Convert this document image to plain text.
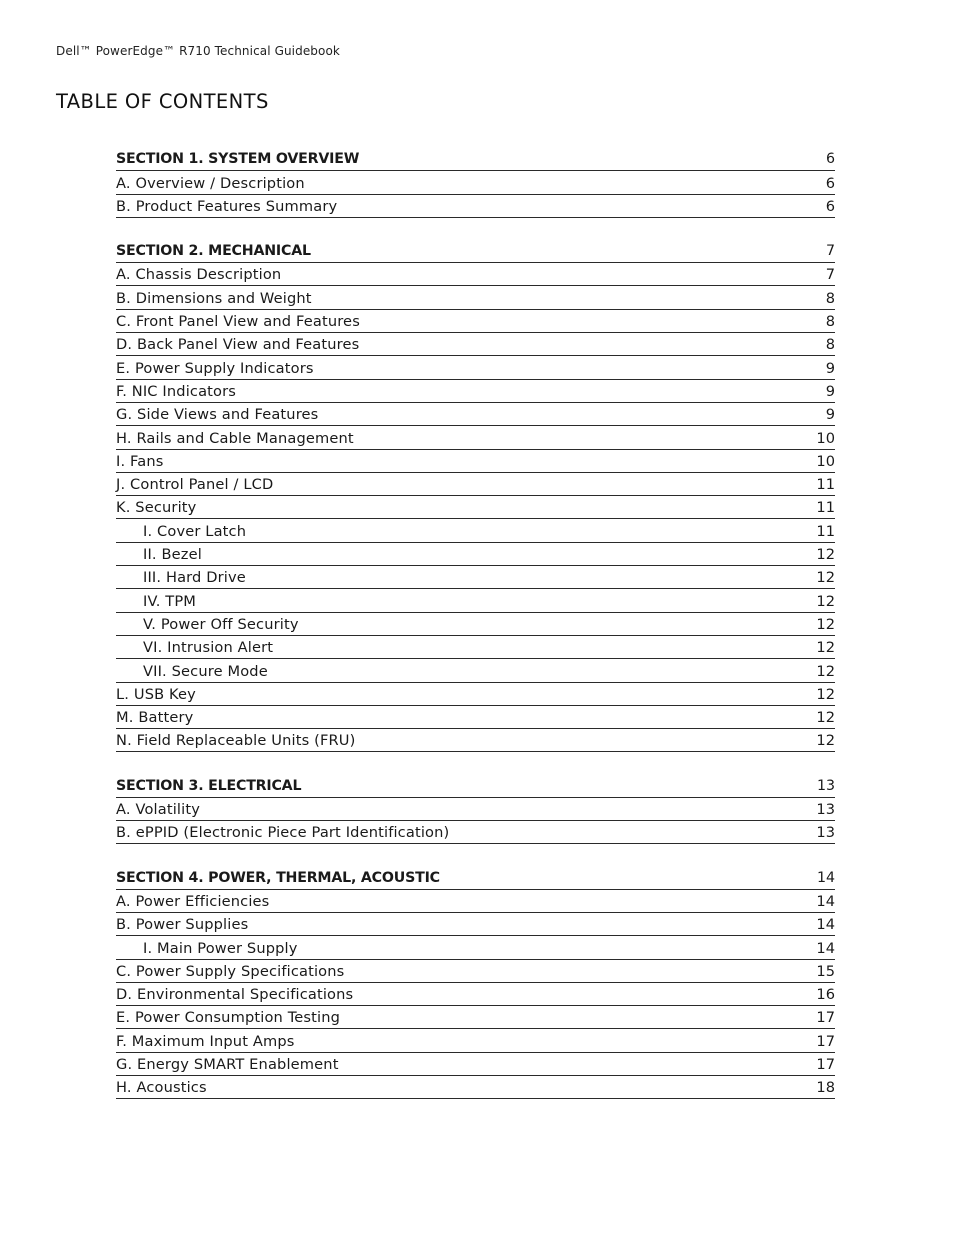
Dell™ PowerEdge™ R710 Technical Guidebook
TABLE OF CONTENTS
SECTION 1. SYSTEM OVERVIEW	6
A. Overview / Description	6
B. Product Features Summary	6
SECTION 2. MECHANICAL	7
A. Chassis Description	7
B. Dimensions and Weight	8
C. Front Panel View and Features	8
D. Back Panel View and Features	8
E. Power Supply Indicators	9
F. NIC Indicators	9
G. Side Views and Features	9
H. Rails and Cable Management	10
I. Fans	10
J. Control Panel / LCD	11
K. Security	11
I. Cover Latch	11
II. Bezel	12
III. Hard Drive	12
IV. TPM	12
V. Power Off Security	12
VI. Intrusion Alert	12
VII. Secure Mode	12
L. USB Key	12
M. Battery	12
N. Field Replaceable Units (FRU)	12
SECTION 3. ELECTRICAL	13
A. Volatility	13
B. ePPID (Electronic Piece Part Identification)	13
SECTION 4. POWER, THERMAL, ACOUSTIC	14
A. Power Efficiencies	14
B. Power Supplies	14
I. Main Power Supply	14
C. Power Supply Specifications	15
D. Environmental Specifications	16
E. Power Consumption Testing	17
F. Maximum Input Amps	17
G. Energy SMART Enablement	17
H. Acoustics	18
